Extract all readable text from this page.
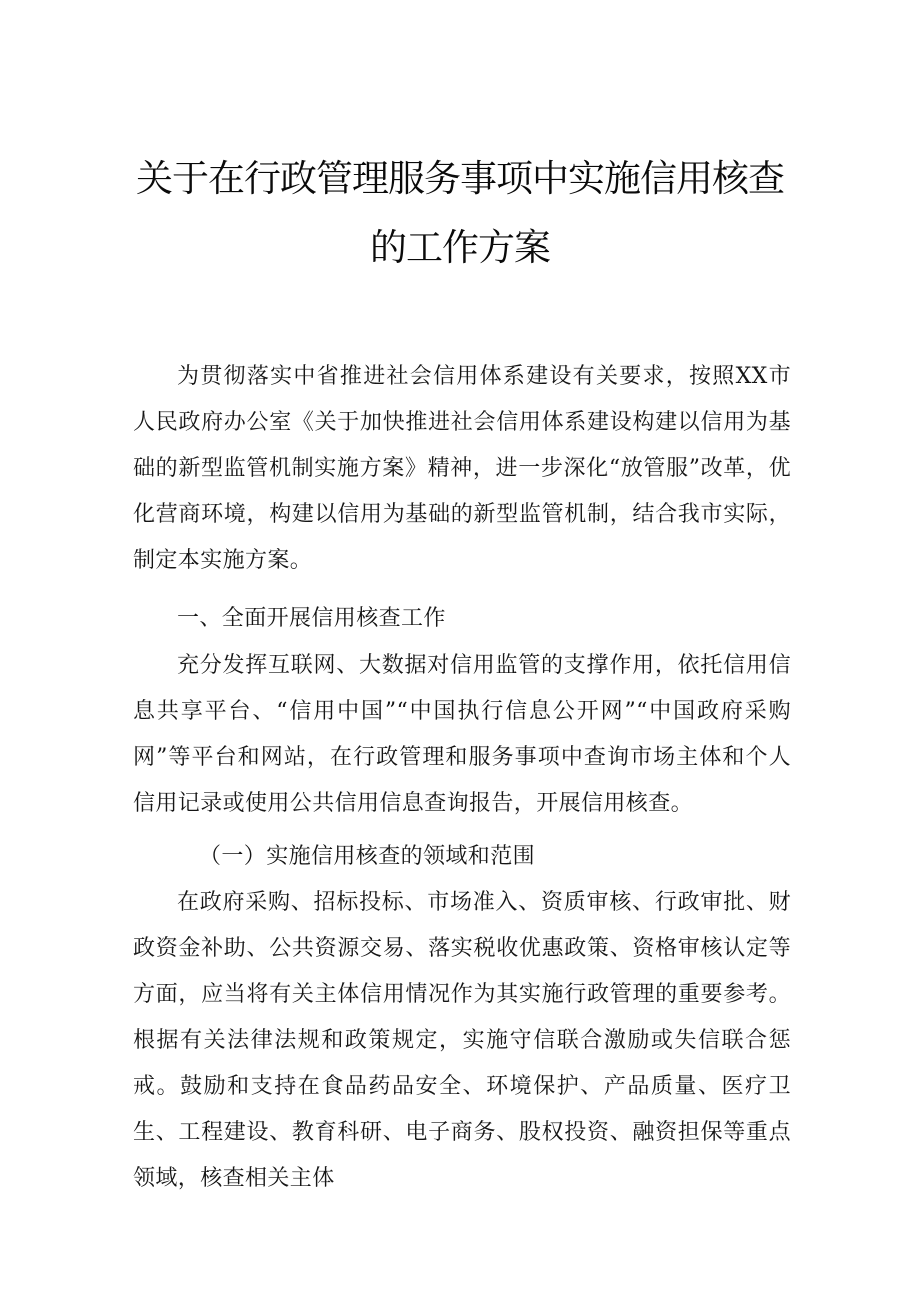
关于在行政管理服务事项中实施信用核查
的工作方案

为贯彻落实中省推进社会信用体系建设有关要求，按照XX市人民政府办公室《关于加快推进社会信用体系建设构建以信用为基础的新型监管机制实施方案》精神，进一步深化“放管服”改革，优化营商环境，构建以信用为基础的新型监管机制，结合我市实际，制定本实施方案。

一、全面开展信用核查工作

充分发挥互联网、大数据对信用监管的支撑作用，依托信用信息共享平台、“信用中国”“中国执行信息公开网”“中国政府采购网”等平台和网站，在行政管理和服务事项中查询市场主体和个人信用记录或使用公共信用信息查询报告，开展信用核查。

（一）实施信用核查的领域和范围

在政府采购、招标投标、市场准入、资质审核、行政审批、财政资金补助、公共资源交易、落实税收优惠政策、资格审核认定等方面，应当将有关主体信用情况作为其实施行政管理的重要参考。根据有关法律法规和政策规定，实施守信联合激励或失信联合惩戒。鼓励和支持在食品药品安全、环境保护、产品质量、医疗卫生、工程建设、教育科研、电子商务、股权投资、融资担保等重点领域，核查相关主体
